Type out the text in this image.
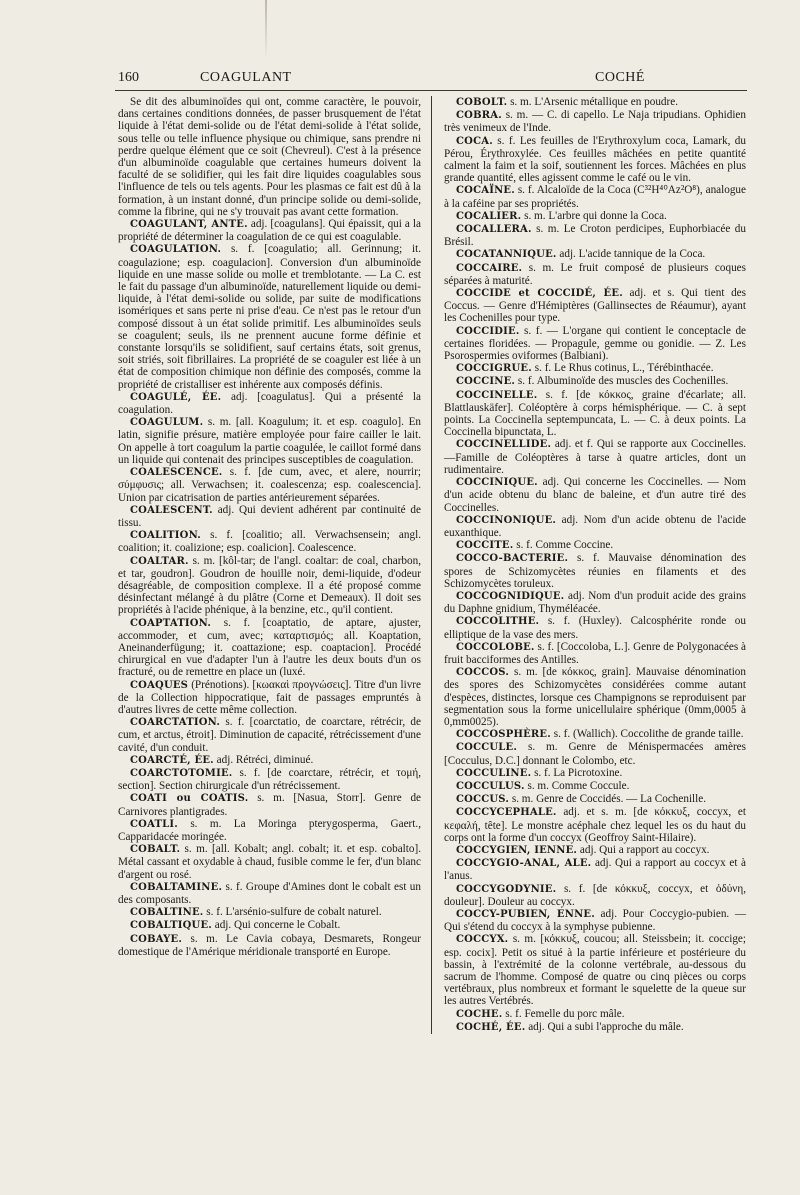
160	COAGULANT	COCHÉ

Se dit des albuminoïdes qui ont, comme caractère, le pouvoir, dans certaines conditions données, de passer brusquement de l'état liquide à l'état demi-solide ou de l'état demi-solide à l'état solide, sous telle ou telle influence physique ou chimique, sans prendre ni perdre quelque élément que ce soit (Chevreul). C'est à la présence d'un albuminoïde coagulable que certaines humeurs doivent la faculté de se solidifier, qui les fait dire liquides coagulables sous l'influence de tels ou tels agents. Pour les plasmas ce fait est dû à la formation, à un instant donné, d'un principe solide ou demi-solide, comme la fibrine, qui ne s'y trouvait pas avant cette formation.

COAGULANT, ANTE. adj. [coagulans]. Qui épaissit, qui a la propriété de déterminer la coagulation de ce qui est coagulable.

COAGULATION. s. f. [coagulatio; all. Gerinnung; it. coagulazione; esp. coagulacion]. Conversion d'un albuminoïde liquide en une masse solide ou molle et tremblotante. — La C. est le fait du passage d'un albuminoïde, naturellement liquide ou demi-liquide, à l'état demi-solide ou solide, par suite de modifications isomériques et sans perte ni prise d'eau. Ce n'est pas le retour d'un composé dissout à un état solide primitif. Les albuminoïdes seuls se coagulent; seuls, ils ne prennent aucune forme définie et constante lorsqu'ils se solidifient, sauf certains états, soit grenus, soit striés, soit fibrillaires. La propriété de se coaguler est liée à un état de composition chimique non définie des composés, comme la propriété de cristalliser est inhérente aux composés définis.

COAGULÉ, ÉE. adj. [coagulatus]. Qui a présenté la coagulation.

COAGULUM. s. m. [all. Koagulum; it. et esp. coagulo]. En latin, signifie présure, matière employée pour faire cailler le lait. On appelle à tort coagulum la partie coagulée, le caillot formé dans un liquide qui contenait des principes susceptibles de coagulation.

COALESCENCE. s. f. [de cum, avec, et alere, nourrir; σύμφυσις; all. Verwachsen; it. coalescenza; esp. coalescencia]. Union par cicatrisation de parties antérieurement séparées.

COALESCENT. adj. Qui devient adhérent par continuité de tissu.

COALITION. s. f. [coalitio; all. Verwachsensein; angl. coalition; it. coalizione; esp. coalicion]. Coalescence.

COALTAR. s. m. [kôl-tar; de l'angl. coaltar: de coal, charbon, et tar, goudron]. Goudron de houille noir, demi-liquide, d'odeur désagréable, de composition complexe. Il a été proposé comme désinfectant mélangé à du plâtre (Corne et Demeaux). Il doit ses propriétés à l'acide phénique, à la benzine, etc., qu'il contient.

COAPTATION. s. f. [coaptatio, de aptare, ajuster, accommoder, et cum, avec; καταρτισμός; all. Koaptation, Aneinanderfügung; it. coattazione; esp. coaptacion]. Procédé chirurgical en vue d'adapter l'un à l'autre les deux bouts d'un os fracturé, ou de remettre en place un (luxé.

COAQUES (Prénotions). [κωακαὶ προγνώσεις]. Titre d'un livre de la Collection hippocratique, fait de passages empruntés à d'autres livres de cette même collection.

COARCTATION. s. f. [coarctatio, de coarctare, rétrécir, de cum, et arctus, étroit]. Diminution de capacité, rétrécissement d'une cavité, d'un conduit.

COARCTÉ, ÉE. adj. Rétréci, diminué.

COARCTOTOMIE. s. f. [de coarctare, rétrécir, et τομή, section]. Section chirurgicale d'un rétrécissement.

COATI ou COATIS. s. m. [Nasua, Storr]. Genre de Carnivores plantigrades.

COATLI. s. m. La Moringa pterygosperma, Gaert., Capparidacée moringée.

COBALT. s. m. [all. Kobalt; angl. cobalt; it. et esp. cobalto]. Métal cassant et oxydable à chaud, fusible comme le fer, d'un blanc d'argent ou rosé.

COBALTAMINE. s. f. Groupe d'Amines dont le cobalt est un des composants.

COBALTINE. s. f. L'arsénio-sulfure de cobalt naturel.

COBALTIQUE. adj. Qui concerne le Cobalt.

COBAYE. s. m. Le Cavia cobaya, Desmarets, Rongeur domestique de l'Amérique méridionale transporté en Europe.

COBOLT. s. m. L'Arsenic métallique en poudre.

COBRA. s. m. — C. di capello. Le Naja tripudians. Ophidien très venimeux de l'Inde.

COCA. s. f. Les feuilles de l'Erythroxylum coca, Lamark, du Pérou, Érythroxylée. Ces feuilles mâchées en petite quantité calment la faim et la soif, soutiennent les forces. Mâchées en plus grande quantité, elles agissent comme le café ou le vin.

COCAÏNE. s. f. Alcaloïde de la Coca (C³²H⁴⁰Az²O⁸), analogue à la caféine par ses propriétés.

COCALIER. s. m. L'arbre qui donne la Coca.

COCALLERA. s. m. Le Croton perdicipes, Euphorbiacée du Brésil.

COCATANNIQUE. adj. L'acide tannique de la Coca.

COCCAIRE. s. m. Le fruit composé de plusieurs coques séparées à maturité.

COCCIDE et COCCIDÉ, ÉE. adj. et s. Qui tient des Coccus. — Genre d'Hémiptères (Gallinsectes de Réaumur), ayant les Cochenilles pour type.

COCCIDIE. s. f. — L'organe qui contient le conceptacle de certaines floridées. — Propagule, gemme ou gonidie. — Z. Les Psorospermies oviformes (Balbiani).

COCCIGRUE. s. f. Le Rhus cotinus, L., Térébinthacée.

COCCINE. s. f. Albuminoïde des muscles des Cochenilles.

COCCINELLE. s. f. [de κόκκος, graine d'écarlate; all. Blattlauskäfer]. Coléoptère à corps hémisphérique. — C. à sept points. La Coccinella septempuncata, L. — C. à deux points. La Coccinella bipunctata, L.

COCCINELLIDE. adj. et f. Qui se rapporte aux Coccinelles. —Famille de Coléoptères à tarse à quatre articles, dont un rudimentaire.

COCCINIQUE. adj. Qui concerne les Coccinelles. — Nom d'un acide obtenu du blanc de baleine, et d'un autre tiré des Coccinelles.

COCCINONIQUE. adj. Nom d'un acide obtenu de l'acide euxanthique.

COCCITE. s. f. Comme Coccine.

COCCO-BACTERIE. s. f. Mauvaise dénomination des spores de Schizomycètes réunies en filaments et des Schizomycètes toruleux.

COCCOGNIDIQUE. adj. Nom d'un produit acide des grains du Daphne gnidium, Thyméléacée.

COCCOLITHE. s. f. (Huxley). Calcosphérite ronde ou elliptique de la vase des mers.

COCCOLOBE. s. f. [Coccoloba, L.]. Genre de Polygonacées à fruit bacciformes des Antilles.

COCCOS. s. m. [de κόκκος, grain]. Mauvaise dénomination des spores des Schizomycètes considérées comme autant d'espèces, distinctes, lorsque ces Champignons se reproduisent par segmentation sous la forme unicellulaire sphérique (0mm,0005 à 0,mm0025).

COCCOSPHÈRE. s. f. (Wallich). Coccolithe de grande taille.

COCCULE. s. m. Genre de Ménispermacées amères [Cocculus, D.C.] donnant le Colombo, etc.

COCCULINE. s. f. La Picrotoxine.

COCCULUS. s. m. Comme Coccule.

COCCUS. s. m. Genre de Coccidés. — La Cochenille.

COCCYCEPHALE. adj. et s. m. [de κόκκυξ, coccyx, et κεφαλή, tête]. Le monstre acéphale chez lequel les os du haut du corps ont la forme d'un coccyx (Geoffroy Saint-Hilaire).

COCCYGIEN, IENNE. adj. Qui a rapport au coccyx.

COCCYGIO-ANAL, ALE. adj. Qui a rapport au coccyx et à l'anus.

COCCYGODYNIE. s. f. [de κόκκυξ, coccyx, et ὀδύνη, douleur]. Douleur au coccyx.

COCCY-PUBIEN, ENNE. adj. Pour Coccygio-pubien. — Qui s'étend du coccyx à la symphyse pubienne.

COCCYX. s. m. [κόκκυξ, coucou; all. Steissbein; it. coccige; esp. cocix]. Petit os situé à la partie inférieure et postérieure du bassin, à l'extrémité de la colonne vertébrale, au-dessous du sacrum de l'homme. Composé de quatre ou cinq pièces ou corps vertébraux, plus nombreux et formant le squelette de la queue sur les autres Vertébrés.

COCHE. s. f. Femelle du porc mâle.

COCHÉ, ÉE. adj. Qui a subi l'approche du mâle.
